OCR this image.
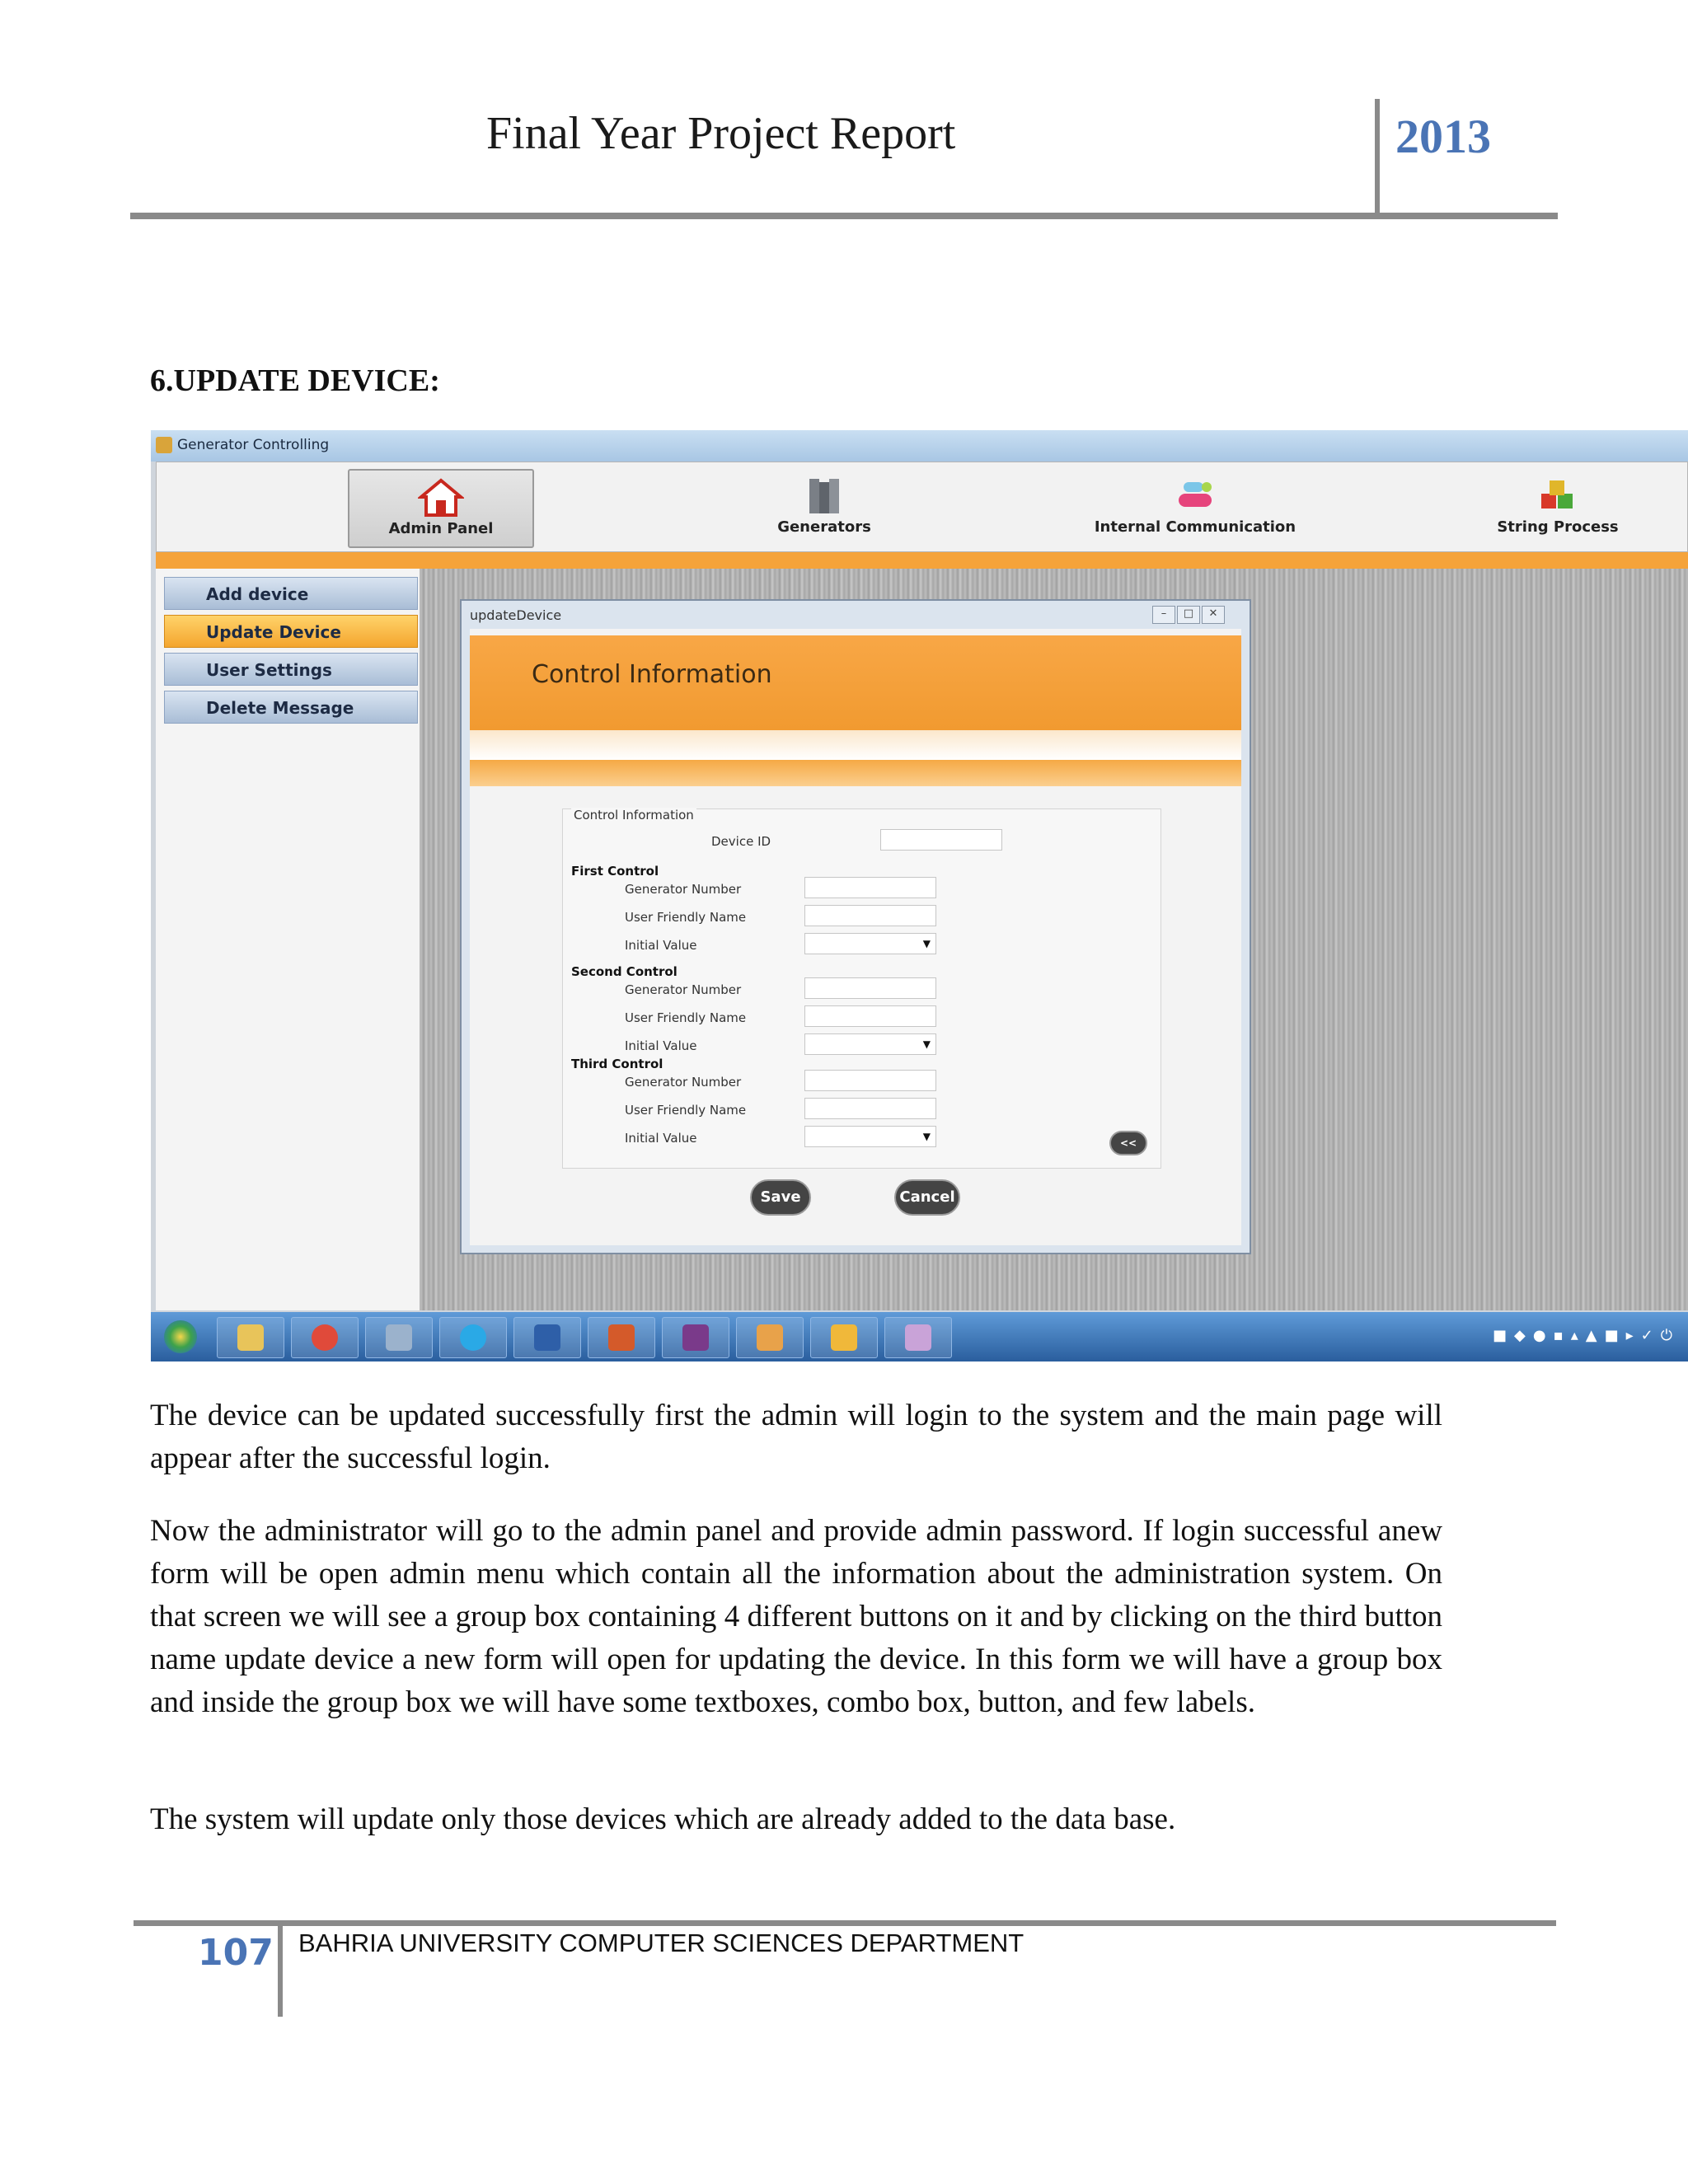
Final Year Project Report	2013
6.UPDATE DEVICE:
Generator Controlling
Admin Panel	Generators	Internal Communication	String Process
Add device
Update Device
User Settings
Delete Message
updateDevice	–	□	✕
Control Information
Control Information
Device ID
First Control
Generator Number
User Friendly Name
Initial Value	▼
Second Control
Generator Number
User Friendly Name
Initial Value	▼
Third Control
Generator Number
User Friendly Name
Initial Value	▼
<<
Save	Cancel
■◆●▪▴▲■▸✓⏻
The device can be updated successfully first the admin will login to the system and the main page will appear after the successful login.
Now the administrator will go to the admin panel and provide admin password. If login successful anew form will be open admin menu which contain all the information about the administration system. On that screen we will see a group box containing 4 different buttons on it and by clicking on the third button name update device a new form will open for updating the device. In this form we will have a group box and inside the group box we will have some textboxes, combo box, button, and few labels.
The system will update only those devices which are already added to the data base.
107 BAHRIA UNIVERSITY COMPUTER SCIENCES DEPARTMENT
